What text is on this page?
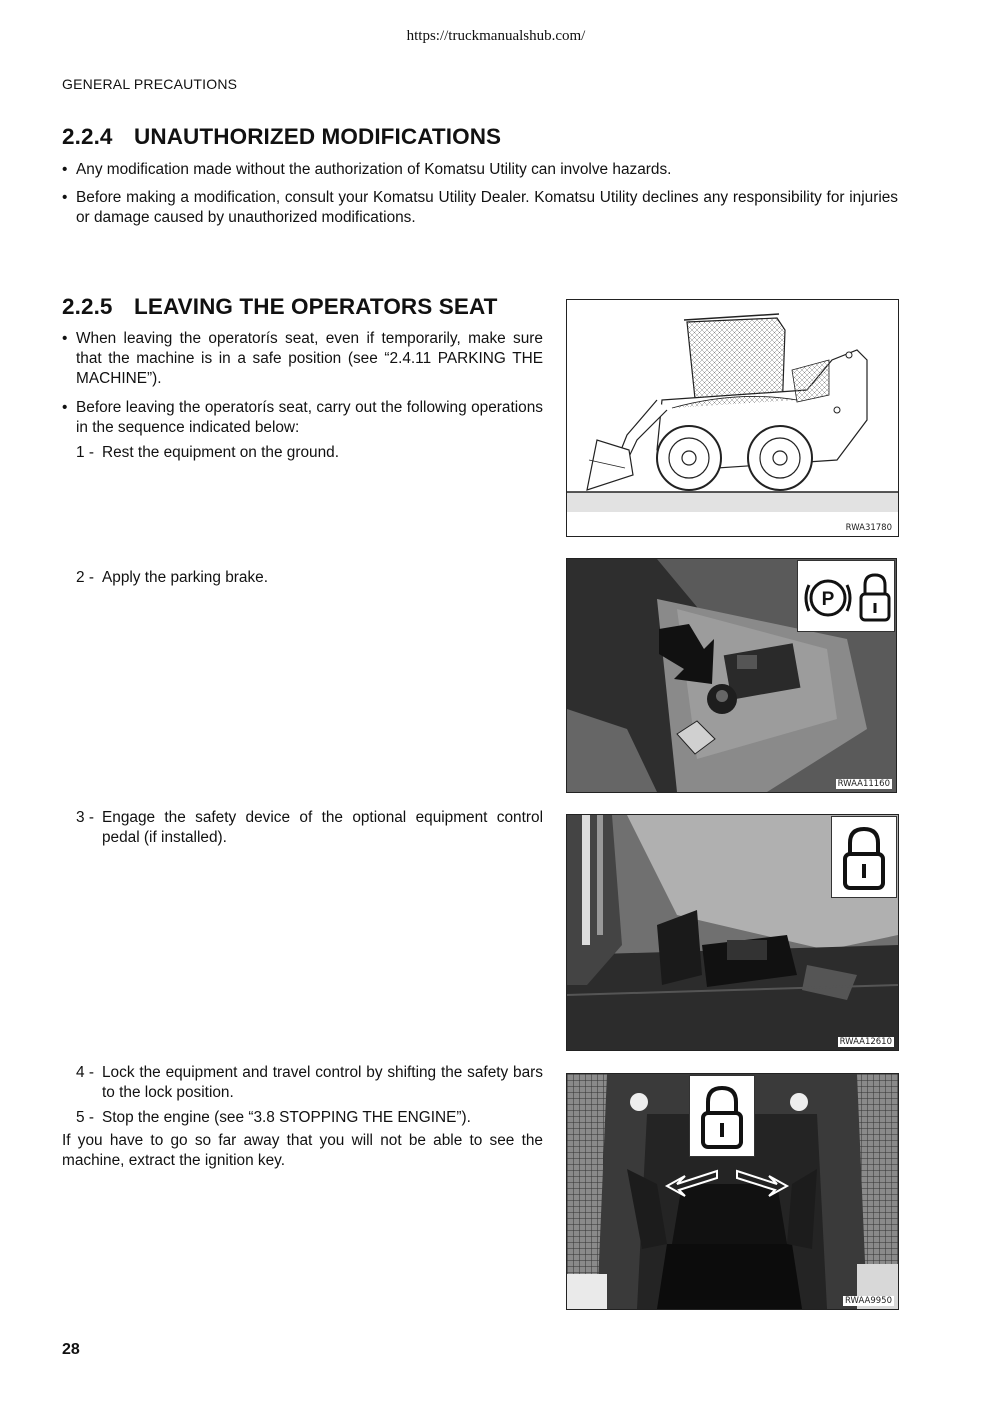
https://truckmanualshub.com/
GENERAL PRECAUTIONS
2.2.4 UNAUTHORIZED MODIFICATIONS
• Any modification made without the authorization of Komatsu Utility can involve hazards.
• Before making a modification, consult your Komatsu Utility Dealer. Komatsu Utility declines any responsibility for injuries or damage caused by unauthorized modifications.
2.2.5 LEAVING THE OPERATORS SEAT
• When leaving the operatorís seat, even if temporarily, make sure that the machine is in a safe position (see “2.4.11 PARKING THE MACHINE”).
• Before leaving the operatorís seat, carry out the following operations in the sequence indicated below:
1 - Rest the equipment on the ground.
2 - Apply the parking brake.
3 - Engage the safety device of the optional equipment control pedal (if installed).
4 - Lock the equipment and travel control by shifting the safety bars to the lock position.
5 - Stop the engine (see “3.8 STOPPING THE ENGINE”).
If you have to go so far away that you will not be able to see the machine, extract the ignition key.
RWA31780
P
RWAA11160
RWAA12610
RWAA9950
28
